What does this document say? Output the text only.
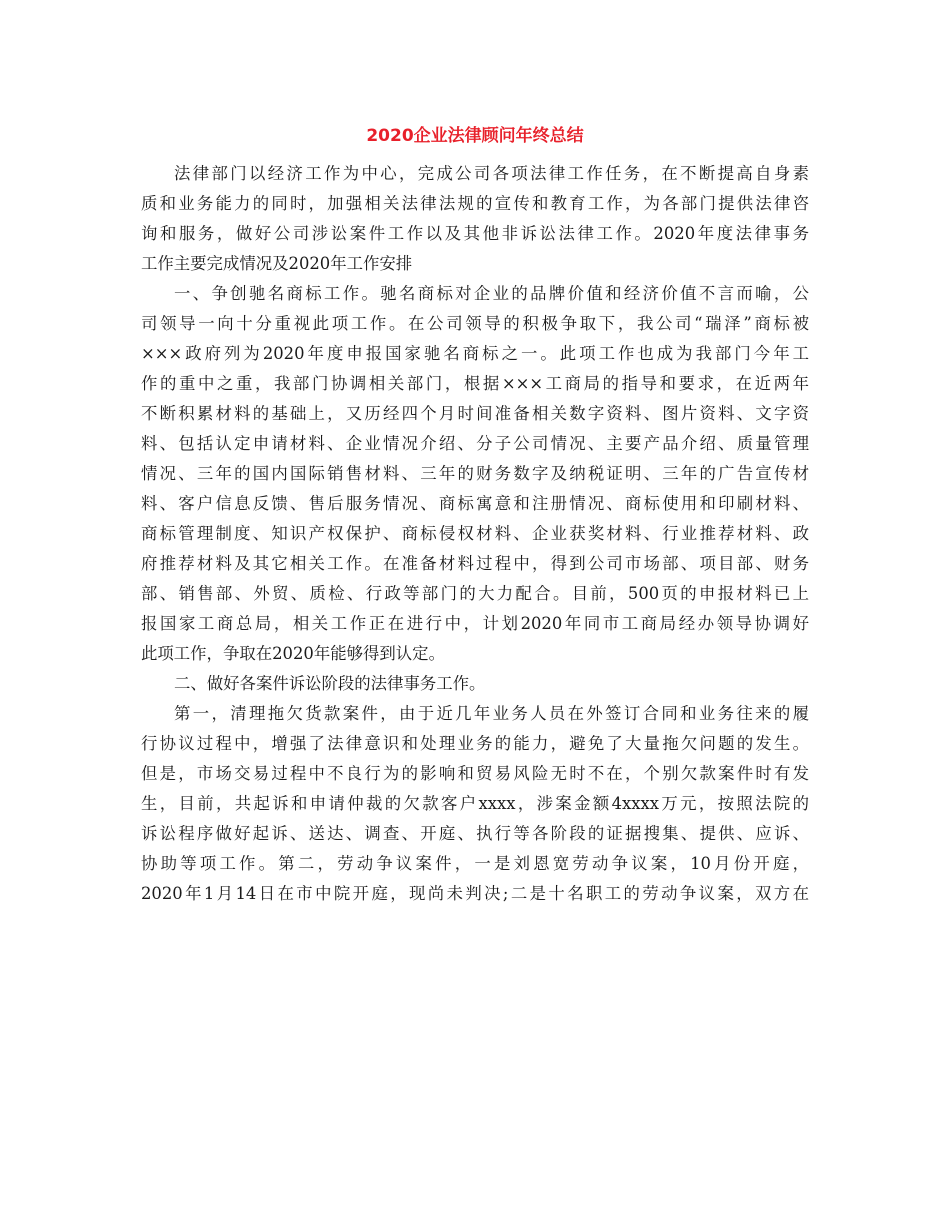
2020企业法律顾问年终总结
法律部门以经济工作为中心，完成公司各项法律工作任务，在不断提高自身素
质和业务能力的同时，加强相关法律法规的宣传和教育工作，为各部门提供法律咨
询和服务，做好公司涉讼案件工作以及其他非诉讼法律工作。2020年度法律事务
工作主要完成情况及2020年工作安排
一、争创驰名商标工作。驰名商标对企业的品牌价值和经济价值不言而喻，公
司领导一向十分重视此项工作。在公司领导的积极争取下，我公司“瑞泽”商标被
×××政府列为2020年度申报国家驰名商标之一。此项工作也成为我部门今年工
作的重中之重，我部门协调相关部门，根据×××工商局的指导和要求，在近两年
不断积累材料的基础上，又历经四个月时间准备相关数字资料、图片资料、文字资
料、包括认定申请材料、企业情况介绍、分子公司情况、主要产品介绍、质量管理
情况、三年的国内国际销售材料、三年的财务数字及纳税证明、三年的广告宣传材
料、客户信息反馈、售后服务情况、商标寓意和注册情况、商标使用和印刷材料、
商标管理制度、知识产权保护、商标侵权材料、企业获奖材料、行业推荐材料、政
府推荐材料及其它相关工作。在准备材料过程中，得到公司市场部、项目部、财务
部、销售部、外贸、质检、行政等部门的大力配合。目前，500页的申报材料已上
报国家工商总局，相关工作正在进行中，计划2020年同市工商局经办领导协调好
此项工作，争取在2020年能够得到认定。
二、做好各案件诉讼阶段的法律事务工作。
第一，清理拖欠货款案件，由于近几年业务人员在外签订合同和业务往来的履
行协议过程中，增强了法律意识和处理业务的能力，避免了大量拖欠问题的发生。
但是，市场交易过程中不良行为的影响和贸易风险无时不在，个别欠款案件时有发
生，目前，共起诉和申请仲裁的欠款客户xxxx，涉案金额4xxxx万元，按照法院的
诉讼程序做好起诉、送达、调查、开庭、执行等各阶段的证据搜集、提供、应诉、
协助等项工作。第二，劳动争议案件，一是刘恩宽劳动争议案，10月份开庭，
2020年1月14日在市中院开庭，现尚未判决;二是十名职工的劳动争议案，双方在
